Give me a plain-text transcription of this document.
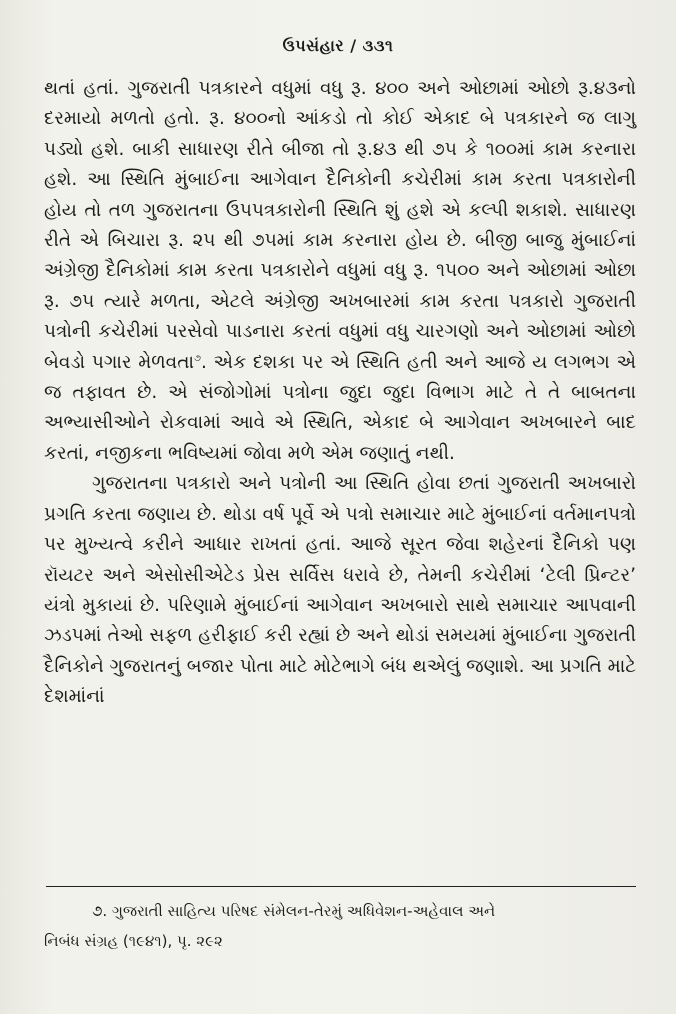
ઉપસંહાર / ૩૩૧

થતાં હતાં. ગુજરાતી પત્રકારને વધુમાં વધુ રૂ. ૪૦૦ અને ઓછામાં ઓછો રૂ.૪૩નો દરમાયો મળતો હતો. રૂ. ૪૦૦નો આંકડો તો કોઈ એકાદ બે પત્રકારને જ લાગુ પડ્યો હશે. બાકી સાધારણ રીતે બીજા તો રૂ.૪૩ થી ૭૫ કે ૧૦૦માં કામ કરનારા હશે. આ સ્થિતિ મુંબાઈના આગેવાન દૈનિકોની કચેરીમાં કામ કરતા પત્રકારોની હોય તો તળ ગુજરાતના ઉપપત્રકારોની સ્થિતિ શું હશે એ કલ્પી શકાશે. સાધારણ રીતે એ બિચારા રૂ. ૨૫ થી ૭૫માં કામ કરનારા હોય છે. બીજી બાજુ મુંબાઈનાં અંગ્રેજી દૈનિકોમાં કામ કરતા પત્રકારોને વધુમાં વધુ રૂ. ૧૫૦૦ અને ઓછામાં ઓછા રૂ. ૭૫ ત્યારે મળતા, એટલે અંગ્રેજી અખબારમાં કામ કરતા પત્રકારો ગુજરાતી પત્રોની કચેરીમાં પરસેવો પાડનારા કરતાં વધુમાં વધુ ચારગણો અને ઓછામાં ઓછો બેવડો પગાર મેળવતા$^૭$. એક દશકા પર એ સ્થિતિ હતી અને આજે ય લગભગ એ જ તફાવત છે. એ સંજોગોમાં પત્રોના જુદા જુદા વિભાગ માટે તે તે બાબતના અભ્યાસીઓને રોકવામાં આવે એ સ્થિતિ, એકાદ બે આગેવાન અખબારને બાદ કરતાં, નજીકના ભવિષ્યમાં જોવા મળે એમ જણાતું નથી.

ગુજરાતના પત્રકારો અને પત્રોની આ સ્થિતિ હોવા છતાં ગુજરાતી અખબારો પ્રગતિ કરતા જણાય છે. થોડા વર્ષ પૂર્વે એ પત્રો સમાચાર માટે મુંબાઈનાં વર્તમાનપત્રો પર મુખ્યત્વે કરીને આધાર રાખતાં હતાં. આજે સૂરત જેવા શહેરનાં દૈનિકો પણ રૉયટર અને એસોસીએટેડ પ્રેસ સર્વિસ ધરાવે છે, તેમની કચેરીમાં ‘ટેલી પ્રિન્ટર’ યંત્રો મુકાયાં છે. પરિણામે મુંબાઈનાં આગેવાન અખબારો સાથે સમાચાર આપવાની ઝડપમાં તેઓ સફળ હરીફાઈ કરી રહ્યાં છે અને થોડાં સમયમાં મુંબાઈના ગુજરાતી દૈનિકોને ગુજરાતનું બજાર પોતા માટે મોટેભાગે બંધ થએલું જણાશે. આ પ્રગતિ માટે દેશમાંનાં

૭. ગુજરાતી સાહિત્ય પરિષદ સંમેલન-તેરમું અધિવેશન-અહેવાલ અને
નિબંધ સંગ્રહ (૧૯૪૧), પૃ. ૨૯૨
